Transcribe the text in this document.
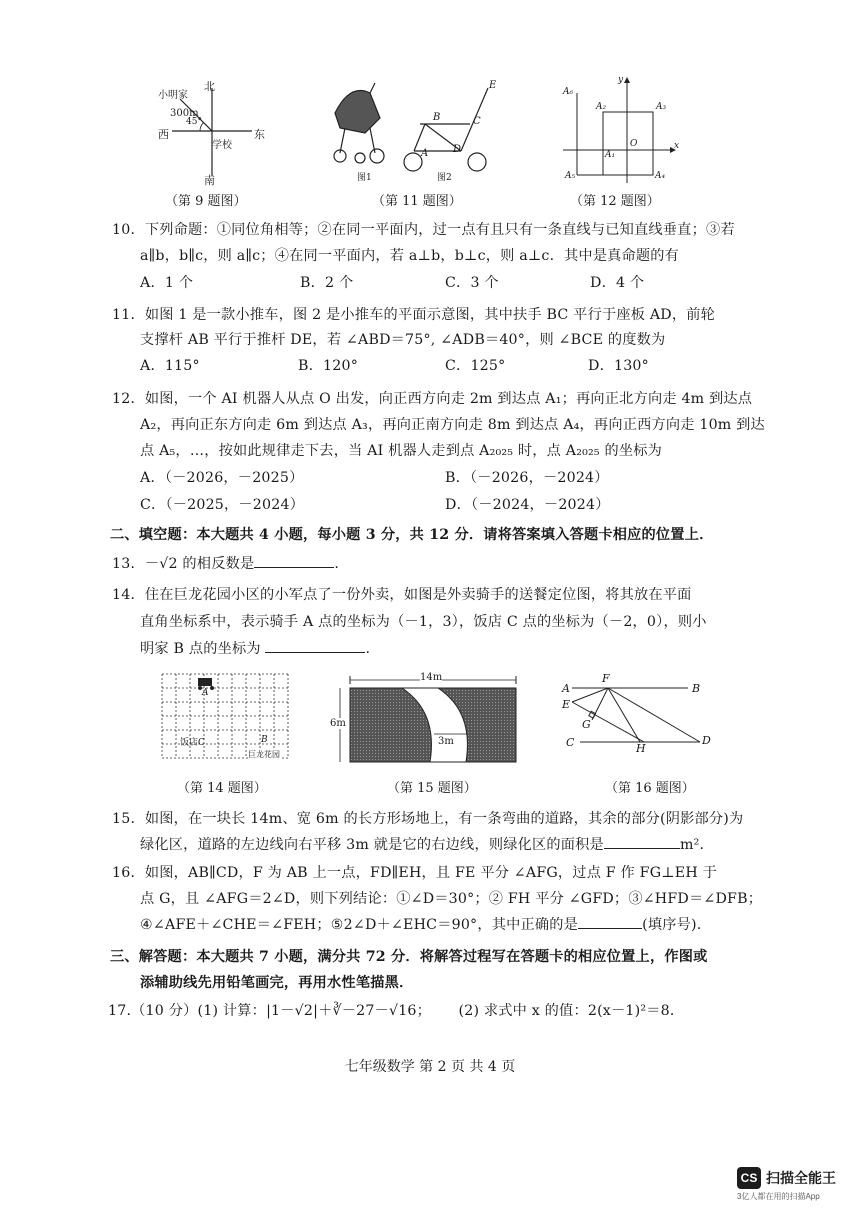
北
南
西	东
小明家
300m
45°
学校
（第 9 题图）
图1	图2
E
B	C
A D
（第 11 题图）
A₆
A₂	A₃
A₁
O
A₅	A₄
x
y
（第 12 题图）
10．下列命题：①同位角相等；②在同一平面内，过一点有且只有一条直线与已知直线垂直；③若
a∥b，b∥c，则 a∥c；④在同一平面内，若 a⊥b，b⊥c，则 a⊥c．其中是真命题的有
A．1 个	B．2 个	C．3 个	D．4 个
11．如图 1 是一款小推车，图 2 是小推车的平面示意图，其中扶手 BC 平行于座板 AD，前轮
支撑杆 AB 平行于推杆 DE，若 ∠ABD＝75°, ∠ADB＝40°，则 ∠BCE 的度数为
A．115°	B．120°	C．125°	D．130°
12．如图，一个 AI 机器人从点 O 出发，向正西方向走 2m 到达点 A₁；再向正北方向走 4m 到达点
A₂，再向正东方向走 6m 到达点 A₃，再向正南方向走 8m 到达点 A₄，再向正西方向走 10m 到达
点 A₅，…，按如此规律走下去，当 AI 机器人走到点 A₂₀₂₅ 时，点 A₂₀₂₅ 的坐标为
A．（－2026，－2025）	B．（－2026，－2024）
C．（－2025，－2024）	D．（－2024，－2024）
二、填空题：本大题共 4 小题，每小题 3 分，共 12 分．请将答案填入答题卡相应的位置上．
13．－√2 的相反数是	.
14．住在巨龙花园小区的小军点了一份外卖，如图是外卖骑手的送餐定位图，将其放在平面
直角坐标系中，表示骑手 A 点的坐标为（－1，3），饭店 C 点的坐标为（－2，0），则小
明家 B 点的坐标为	.
A
饭店C	B
巨龙花园
（第 14 题图）
14m
6m
3m
（第 15 题图）
A
F
B
E
G
C	H
D
（第 16 题图）
15．如图，在一块长 14m、宽 6m 的长方形场地上，有一条弯曲的道路，其余的部分(阴影部分)为
绿化区，道路的左边线向右平移 3m 就是它的右边线，则绿化区的面积是	m².
16．如图，AB∥CD，F 为 AB 上一点，FD∥EH，且 FE 平分 ∠AFG，过点 F 作 FG⊥EH 于
点 G，且 ∠AFG＝2∠D，则下列结论：①∠D＝30°；② FH 平分 ∠GFD；③∠HFD＝∠DFB；
④∠AFE＋∠CHE＝∠FEH；⑤2∠D＋∠EHC＝90°，其中正确的是	(填序号).
三、解答题：本大题共 7 小题，满分共 72 分．将解答过程写在答题卡的相应位置上，作图或
添辅助线先用铅笔画完，再用水性笔描黑．
17.（10 分）(1) 计算：|1－√2|＋∛－27－√16； (2) 求式中 x 的值：2(x－1)²＝8．
七年级数学 第 2 页 共 4 页
CS 扫描全能王
3亿人都在用的扫描App
